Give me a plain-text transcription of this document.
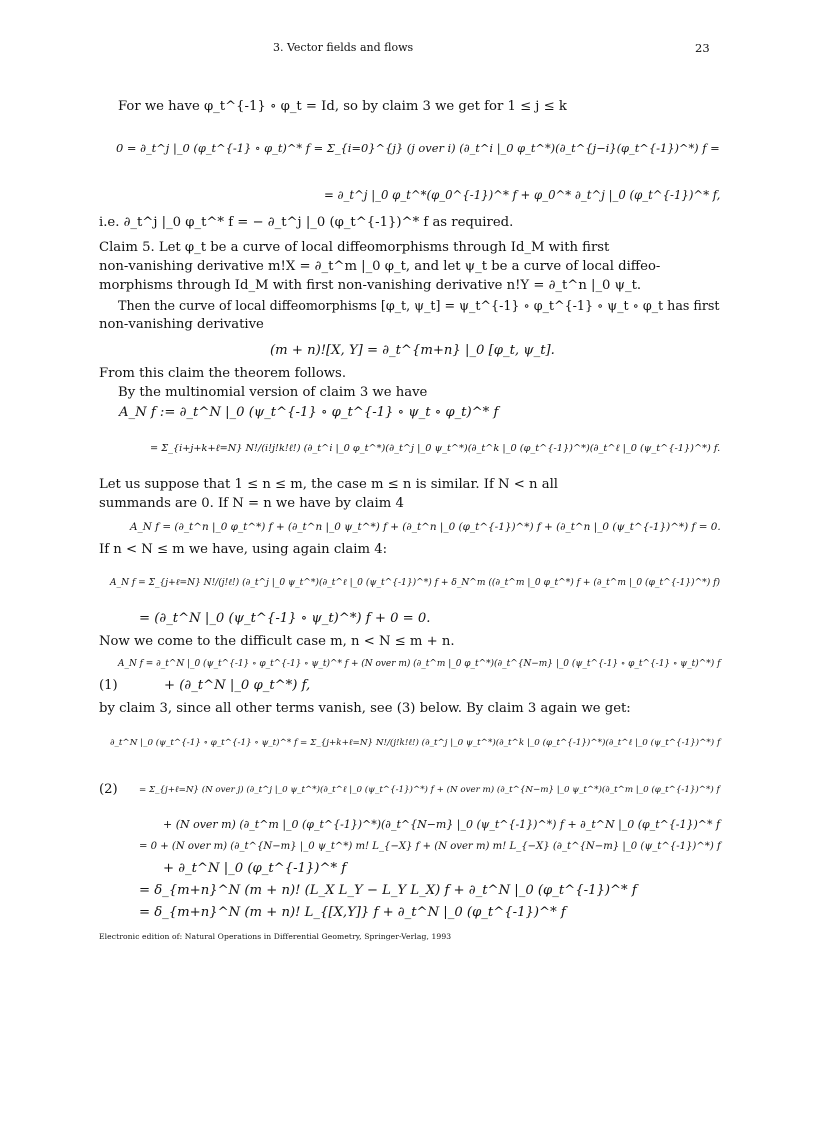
3. Vector fields and flows	23
For we have φ_t^{-1} ∘ φ_t = Id, so by claim 3 we get for 1 ≤ j ≤ k
0 = ∂_t^j |_0 (φ_t^{-1} ∘ φ_t)^* f = Σ_{i=0}^{j} (j over i) (∂_t^i |_0 φ_t^*)(∂_t^{j−i}(φ_t^{-1})^*) f =
= ∂_t^j |_0 φ_t^*(φ_0^{-1})^* f + φ_0^* ∂_t^j |_0 (φ_t^{-1})^* f,
i.e. ∂_t^j |_0 φ_t^* f = − ∂_t^j |_0 (φ_t^{-1})^* f as required.
Claim 5. Let φ_t be a curve of local diffeomorphisms through Id_M with first
non-vanishing derivative m!X = ∂_t^m |_0 φ_t, and let ψ_t be a curve of local diffeo-
morphisms through Id_M with first non-vanishing derivative n!Y = ∂_t^n |_0 ψ_t.
Then the curve of local diffeomorphisms [φ_t, ψ_t] = ψ_t^{-1} ∘ φ_t^{-1} ∘ ψ_t ∘ φ_t has first
non-vanishing derivative
(m + n)![X, Y] = ∂_t^{m+n} |_0 [φ_t, ψ_t].
From this claim the theorem follows.
By the multinomial version of claim 3 we have
A_N f := ∂_t^N |_0 (ψ_t^{-1} ∘ φ_t^{-1} ∘ ψ_t ∘ φ_t)^* f
= Σ_{i+j+k+ℓ=N} N!/(i!j!k!ℓ!) (∂_t^i |_0 φ_t^*)(∂_t^j |_0 ψ_t^*)(∂_t^k |_0 (φ_t^{-1})^*)(∂_t^ℓ |_0 (ψ_t^{-1})^*) f.
Let us suppose that 1 ≤ n ≤ m, the case m ≤ n is similar. If N < n all
summands are 0. If N = n we have by claim 4
A_N f = (∂_t^n |_0 φ_t^*) f + (∂_t^n |_0 ψ_t^*) f + (∂_t^n |_0 (φ_t^{-1})^*) f + (∂_t^n |_0 (ψ_t^{-1})^*) f = 0.
If n < N ≤ m we have, using again claim 4:
A_N f = Σ_{j+ℓ=N} N!/(j!ℓ!) (∂_t^j |_0 ψ_t^*)(∂_t^ℓ |_0 (ψ_t^{-1})^*) f + δ_N^m ((∂_t^m |_0 φ_t^*) f + (∂_t^m |_0 (φ_t^{-1})^*) f)
= (∂_t^N |_0 (ψ_t^{-1} ∘ ψ_t)^*) f + 0 = 0.
Now we come to the difficult case m, n < N ≤ m + n.
A_N f = ∂_t^N |_0 (ψ_t^{-1} ∘ φ_t^{-1} ∘ ψ_t)^* f + (N over m) (∂_t^m |_0 φ_t^*)(∂_t^{N−m} |_0 (ψ_t^{-1} ∘ φ_t^{-1} ∘ ψ_t)^*) f
(1)	+ (∂_t^N |_0 φ_t^*) f,
by claim 3, since all other terms vanish, see (3) below. By claim 3 again we get:
∂_t^N |_0 (ψ_t^{-1} ∘ φ_t^{-1} ∘ ψ_t)^* f = Σ_{j+k+ℓ=N} N!/(j!k!ℓ!) (∂_t^j |_0 ψ_t^*)(∂_t^k |_0 (φ_t^{-1})^*)(∂_t^ℓ |_0 (ψ_t^{-1})^*) f
(2) = Σ_{j+ℓ=N} (N over j) (∂_t^j |_0 ψ_t^*)(∂_t^ℓ |_0 (ψ_t^{-1})^*) f + (N over m) (∂_t^{N−m} |_0 ψ_t^*)(∂_t^m |_0 (φ_t^{-1})^*) f
+ (N over m) (∂_t^m |_0 (φ_t^{-1})^*)(∂_t^{N−m} |_0 (ψ_t^{-1})^*) f + ∂_t^N |_0 (φ_t^{-1})^* f
= 0 + (N over m) (∂_t^{N−m} |_0 ψ_t^*) m! L_{−X} f + (N over m) m! L_{−X} (∂_t^{N−m} |_0 (ψ_t^{-1})^*) f
+ ∂_t^N |_0 (φ_t^{-1})^* f
= δ_{m+n}^N (m + n)! (L_X L_Y − L_Y L_X) f + ∂_t^N |_0 (φ_t^{-1})^* f
= δ_{m+n}^N (m + n)! L_{[X,Y]} f + ∂_t^N |_0 (φ_t^{-1})^* f
Electronic edition of: Natural Operations in Differential Geometry, Springer-Verlag, 1993
